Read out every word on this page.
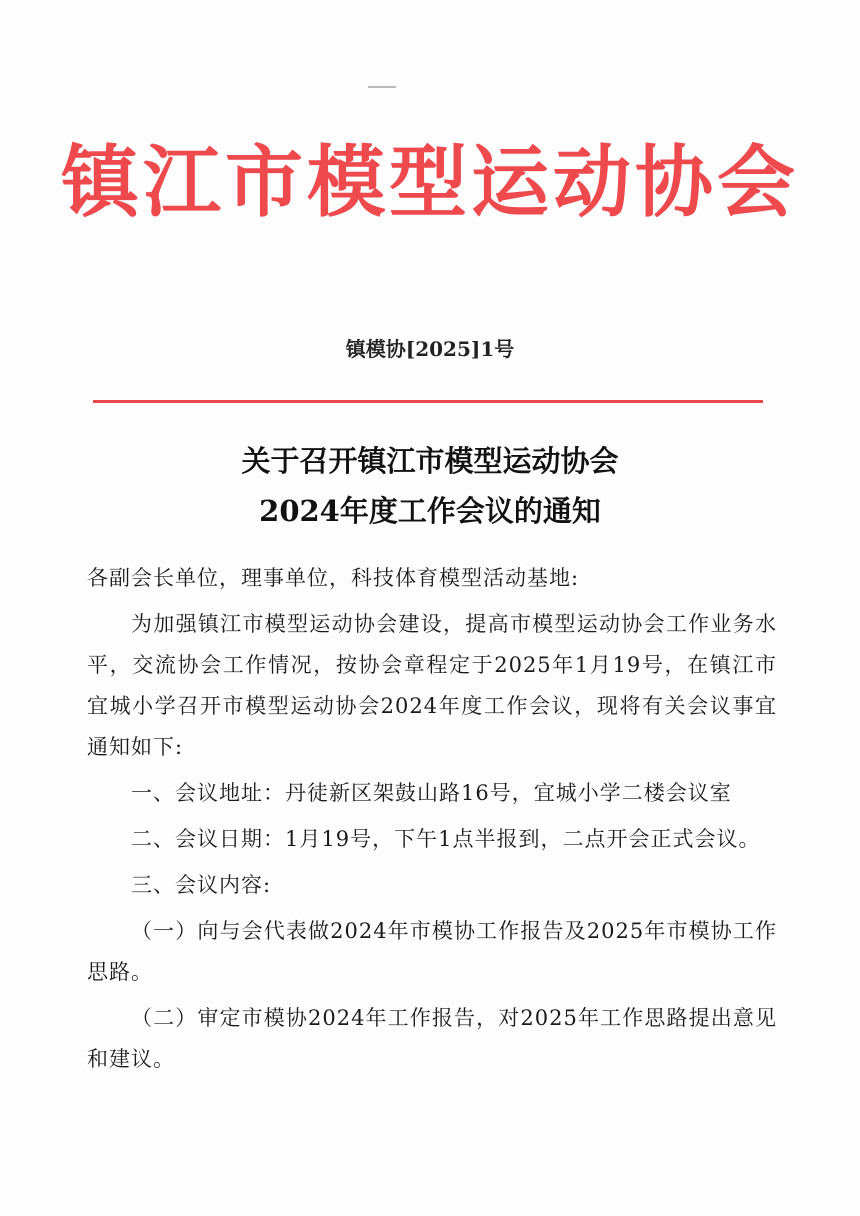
镇江市模型运动协会
镇模协[2025]1号
关于召开镇江市模型运动协会
2024年度工作会议的通知

各副会长单位，理事单位，科技体育模型活动基地:

为加强镇江市模型运动协会建设，提高市模型运动协会工作业务水平，交流协会工作情况，按协会章程定于2025年1月19号，在镇江市宜城小学召开市模型运动协会2024年度工作会议，现将有关会议事宜通知如下:

一、会议地址：丹徒新区架鼓山路16号，宜城小学二楼会议室

二、会议日期：1月19号，下午1点半报到，二点开会正式会议。

三、会议内容:

（一）向与会代表做2024年市模协工作报告及2025年市模协工作思路。

（二）审定市模协2024年工作报告，对2025年工作思路提出意见和建议。
